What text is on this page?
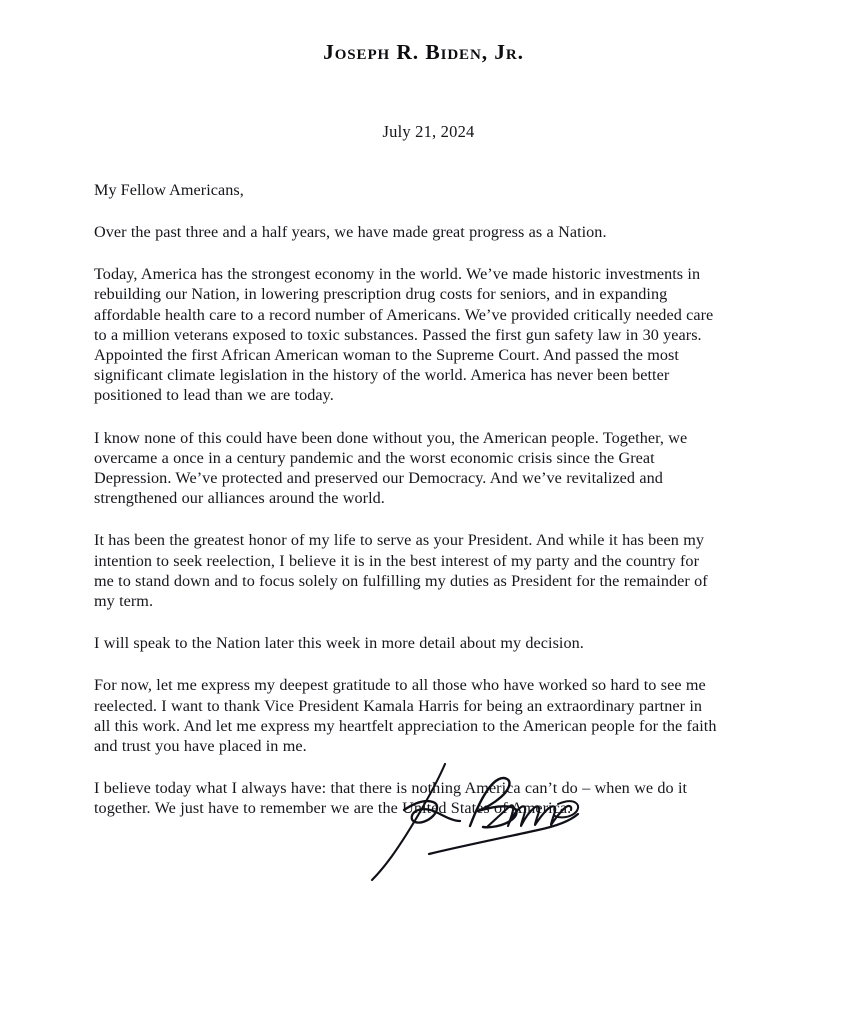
Joseph R. Biden, Jr.
July 21, 2024

My Fellow Americans,

Over the past three and a half years, we have made great progress as a Nation.

Today, America has the strongest economy in the world. We’ve made historic investments in rebuilding our Nation, in lowering prescription drug costs for seniors, and in expanding affordable health care to a record number of Americans. We’ve provided critically needed care to a million veterans exposed to toxic substances. Passed the first gun safety law in 30 years. Appointed the first African American woman to the Supreme Court. And passed the most significant climate legislation in the history of the world. America has never been better positioned to lead than we are today.

I know none of this could have been done without you, the American people. Together, we overcame a once in a century pandemic and the worst economic crisis since the Great Depression. We’ve protected and preserved our Democracy. And we’ve revitalized and strengthened our alliances around the world.

It has been the greatest honor of my life to serve as your President. And while it has been my intention to seek reelection, I believe it is in the best interest of my party and the country for me to stand down and to focus solely on fulfilling my duties as President for the remainder of my term.

I will speak to the Nation later this week in more detail about my decision.

For now, let me express my deepest gratitude to all those who have worked so hard to see me reelected. I want to thank Vice President Kamala Harris for being an extraordinary partner in all this work. And let me express my heartfelt appreciation to the American people for the faith and trust you have placed in me.

I believe today what I always have: that there is nothing America can’t do – when we do it together. We just have to remember we are the United States of America.
